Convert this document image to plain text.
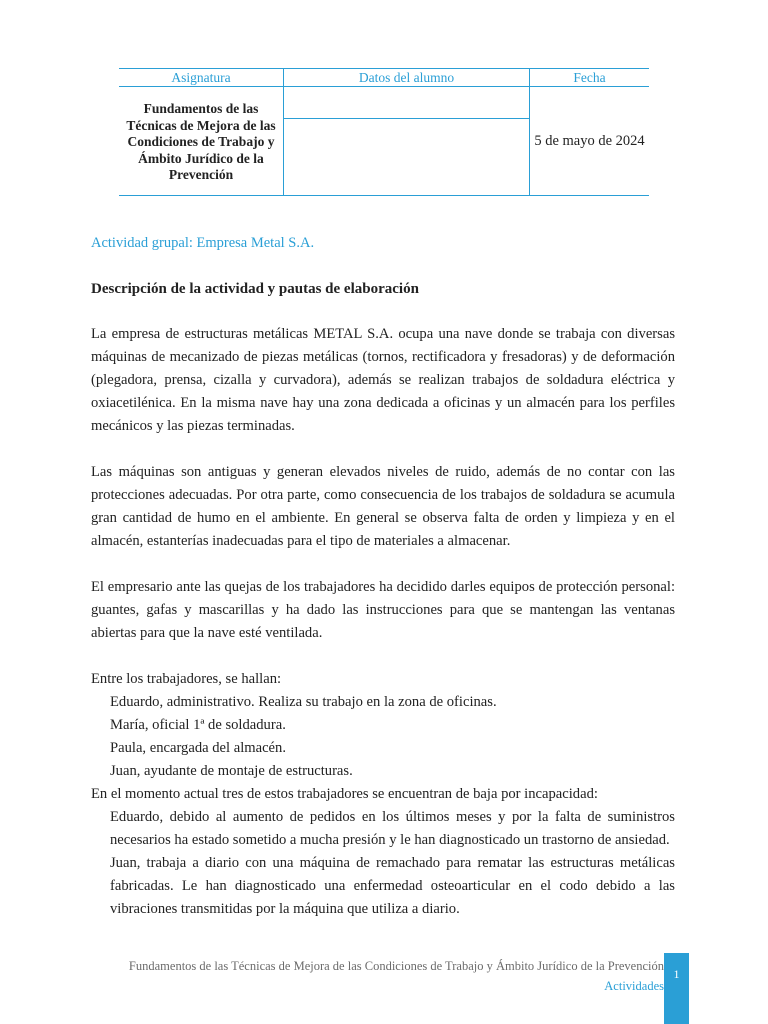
Asignatura	Datos del alumno	Fecha
Fundamentos de las Técnicas de Mejora de las Condiciones de Trabajo y Ámbito Jurídico de la Prevención		5 de mayo de 2024

Actividad grupal: Empresa Metal S.A.
Descripción de la actividad y pautas de elaboración

La empresa de estructuras metálicas METAL S.A. ocupa una nave donde se trabaja con diversas máquinas de mecanizado de piezas metálicas (tornos, rectificadora y fresadoras) y de deformación (plegadora, prensa, cizalla y curvadora), además se realizan trabajos de soldadura eléctrica y oxiacetilénica. En la misma nave hay una zona dedicada a oficinas y un almacén para los perfiles mecánicos y las piezas terminadas.

Las máquinas son antiguas y generan elevados niveles de ruido, además de no contar con las protecciones adecuadas. Por otra parte, como consecuencia de los trabajos de soldadura se acumula gran cantidad de humo en el ambiente. En general se observa falta de orden y limpieza y en el almacén, estanterías inadecuadas para el tipo de materiales a almacenar.

El empresario ante las quejas de los trabajadores ha decidido darles equipos de protección personal: guantes, gafas y mascarillas y ha dado las instrucciones para que se mantengan las ventanas abiertas para que la nave esté ventilada.

Entre los trabajadores, se hallan:

Eduardo, administrativo. Realiza su trabajo en la zona de oficinas.
María, oficial 1ª de soldadura.
Paula, encargada del almacén.
Juan, ayudante de montaje de estructuras.

En el momento actual tres de estos trabajadores se encuentran de baja por incapacidad:

Eduardo, debido al aumento de pedidos en los últimos meses y por la falta de suministros necesarios ha estado sometido a mucha presión y le han diagnosticado un trastorno de ansiedad.
Juan, trabaja a diario con una máquina de remachado para rematar las estructuras metálicas fabricadas. Le han diagnosticado una enfermedad osteoarticular en el codo debido a las vibraciones transmitidas por la máquina que utiliza a diario.
Fundamentos de las Técnicas de Mejora de las Condiciones de Trabajo y Ámbito Jurídico de la Prevención
Actividades
1
